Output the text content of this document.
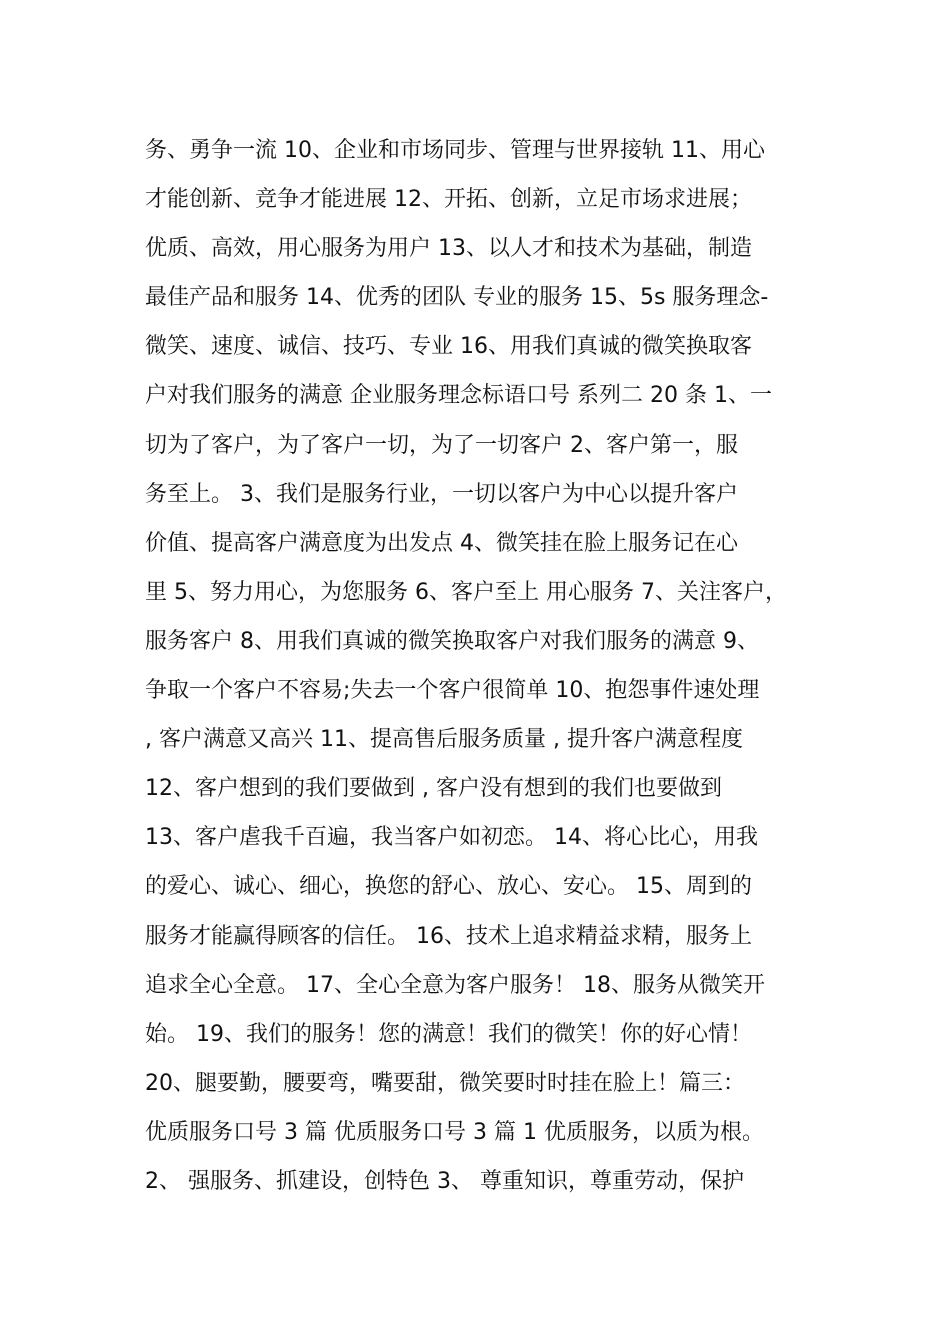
务、勇争一流 10、企业和市场同步、管理与世界接轨 11、用心
才能创新、竞争才能进展 12、开拓、创新，立足市场求进展；
优质、高效，用心服务为用户 13、以人才和技术为基础，制造
最佳产品和服务 14、优秀的团队 专业的服务 15、5s 服务理念-
微笑、速度、诚信、技巧、专业 16、用我们真诚的微笑换取客
户对我们服务的满意 企业服务理念标语口号 系列二 20 条 1、一
切为了客户，为了客户一切，为了一切客户 2、客户第一，服
务至上。 3、我们是服务行业，一切以客户为中心以提升客户
价值、提高客户满意度为出发点 4、微笑挂在脸上服务记在心
里 5、努力用心，为您服务 6、客户至上 用心服务 7、关注客户，
服务客户 8、用我们真诚的微笑换取客户对我们服务的满意 9、
争取一个客户不容易;失去一个客户很简单 10、抱怨事件速处理
, 客户满意又高兴 11、提高售后服务质量 , 提升客户满意程度
12、客户想到的我们要做到 , 客户没有想到的我们也要做到
13、客户虐我千百遍，我当客户如初恋。 14、将心比心，用我
的爱心、诚心、细心，换您的舒心、放心、安心。 15、周到的
服务才能赢得顾客的信任。 16、技术上追求精益求精，服务上
追求全心全意。 17、全心全意为客户服务！ 18、服务从微笑开
始。 19、我们的服务！您的满意！我们的微笑！你的好心情！
20、腿要勤，腰要弯，嘴要甜，微笑要时时挂在脸上！篇三：
优质服务口号 3 篇 优质服务口号 3 篇 1 优质服务，以质为根。
2、 强服务、抓建设，创特色 3、 尊重知识，尊重劳动，保护
